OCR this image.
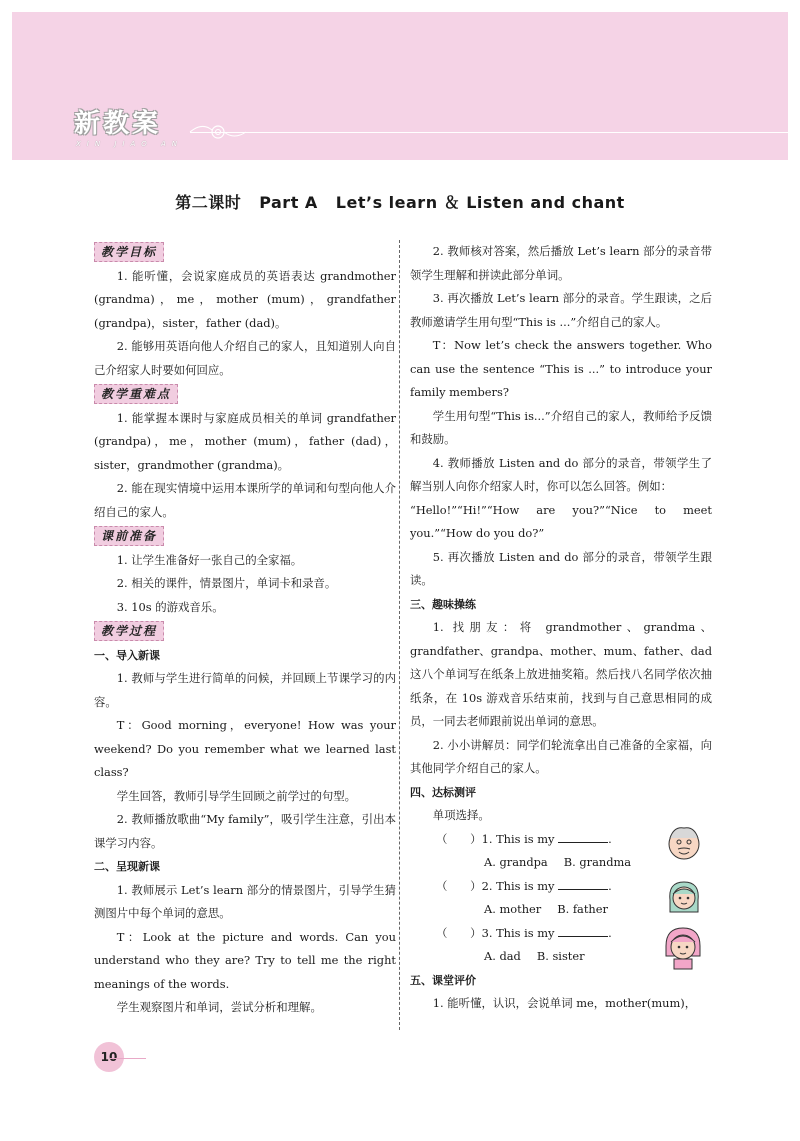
新教案
XIN JIAO AN
第二课时 Part A Let’s learn ＆ Listen and chant
教学目标

1. 能听懂，会说家庭成员的英语表达 grandmother (grandma)，me，mother (mum)，grandfather (grandpa)，sister，father (dad)。

2. 能够用英语向他人介绍自己的家人，且知道别人向自己介绍家人时要如何回应。

教学重难点

1. 能掌握本课时与家庭成员相关的单词 grandfather (grandpa)，me，mother (mum)，father (dad)，sister，grandmother (grandma)。

2. 能在现实情境中运用本课所学的单词和句型向他人介绍自己的家人。

课前准备

1. 让学生准备好一张自己的全家福。

2. 相关的课件，情景图片，单词卡和录音。

3. 10s 的游戏音乐。

教学过程

一、导入新课

1. 教师与学生进行简单的问候，并回顾上节课学习的内容。

T：Good morning，everyone! How was your weekend? Do you remember what we learned last class?

学生回答，教师引导学生回顾之前学过的句型。

2. 教师播放歌曲“My family”，吸引学生注意，引出本课学习内容。

二、呈现新课

1. 教师展示 Let’s learn 部分的情景图片，引导学生猜测图片中每个单词的意思。

T：Look at the picture and words. Can you understand who they are? Try to tell me the right meanings of the words.

学生观察图片和单词，尝试分析和理解。

2. 教师核对答案，然后播放 Let’s learn 部分的录音带领学生理解和拼读此部分单词。

3. 再次播放 Let’s learn 部分的录音。学生跟读，之后教师邀请学生用句型“This is ...”介绍自己的家人。

T：Now let’s check the answers together. Who can use the sentence “This is ...” to introduce your family members?

学生用句型“This is...”介绍自己的家人，教师给予反馈和鼓励。

4. 教师播放 Listen and do 部分的录音，带领学生了解当别人向你介绍家人时，你可以怎么回答。例如：

“Hello!”“Hi!”“How are you?”“Nice to meet you.”“How do you do?”

5. 再次播放 Listen and do 部分的录音，带领学生跟读。

三、趣味操练

1. 找朋友：将 grandmother、grandma、grandfather、grandpa、mother、mum、father、dad 这八个单词写在纸条上放进抽奖箱。然后找八名同学依次抽纸条，在 10s 游戏音乐结束前，找到与自己意思相同的成员，一同去老师跟前说出单词的意思。

2. 小小讲解员：同学们轮流拿出自己准备的全家福，向其他同学介绍自己的家人。

四、达标测评

单项选择。

（　　）1. This is my	.

A. grandpa B. grandma

（　　）2. This is my	.

A. mother B. father

（　　）3. This is my	.

A. dad B. sister

五、课堂评价

1. 能听懂，认识，会说单词 me，mother(mum)，

10
